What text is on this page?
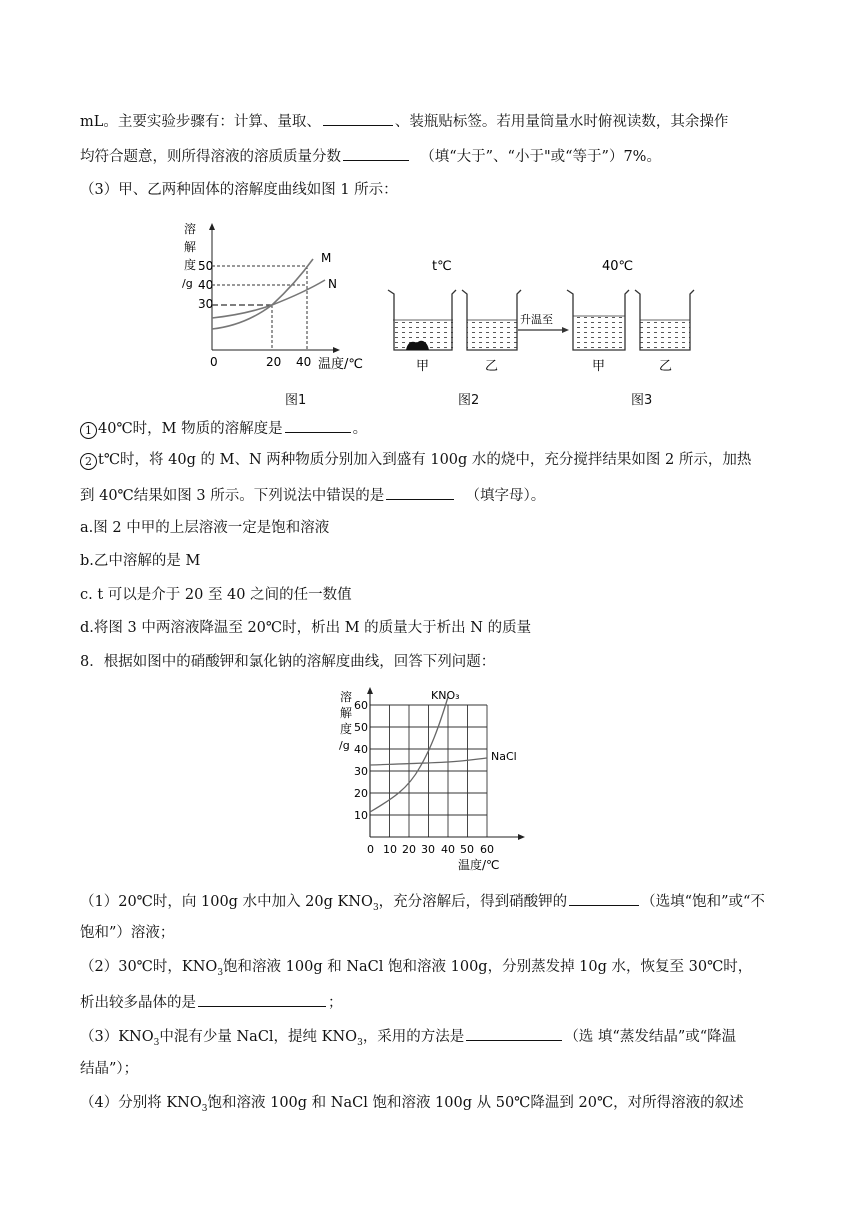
mL。主要实验步骤有：计算、量取、	、装瓶贴标签。若用量筒量水时俯视读数，其余操作
均符合题意，则所得溶液的溶质质量分数	（填“大于”、“小于"或“等于”）7%。
（3）甲、乙两种固体的溶解度曲线如图 1 所示：
溶
解
度
/g
50
40
30
M
N
0	20 40 温度/℃
t℃	40℃
升温至
甲	乙	甲	乙
图1	图2	图3
1 40℃时，M 物质的溶解度是	。
2 t℃时，将 40g 的 M、N 两种物质分别加入到盛有 100g 水的烧中，充分搅拌结果如图 2 所示，加热
到 40℃结果如图 3 所示。下列说法中错误的是	（填字母）。
a.图 2 中甲的上层溶液一定是饱和溶液
b.乙中溶解的是 M
c. t 可以是介于 20 至 40 之间的任一数值
d.将图 3 中两溶液降温至 20℃时，析出 M 的质量大于析出 N 的质量
8．根据如图中的硝酸钾和氯化钠的溶解度曲线，回答下列问题：
溶
解
度
/g
60
50
40
30
20
10
KNO₃
NaCl
0 10 20 30 40 50 60
温度/℃
（1）20℃时，向 100g 水中加入 20g $KNO_3$，充分溶解后，得到硝酸钾的	（选填“饱和”或“不
饱和”）溶液；
（2）30℃时，$KNO_3$饱和溶液 100g 和 NaCl 饱和溶液 100g，分别蒸发掉 10g 水，恢复至 30℃时，
析出较多晶体的是	；
$(3)KNO_3$中混有少量 NaCl，提纯 $KNO_3$，采用的方法是	（选 填“蒸发结晶”或“降温
结晶”）；
（4）分别将 $KNO_3$饱和溶液 100g 和 NaCl 饱和溶液 100g 从 50℃降温到 20℃，对所得溶液的叙述
